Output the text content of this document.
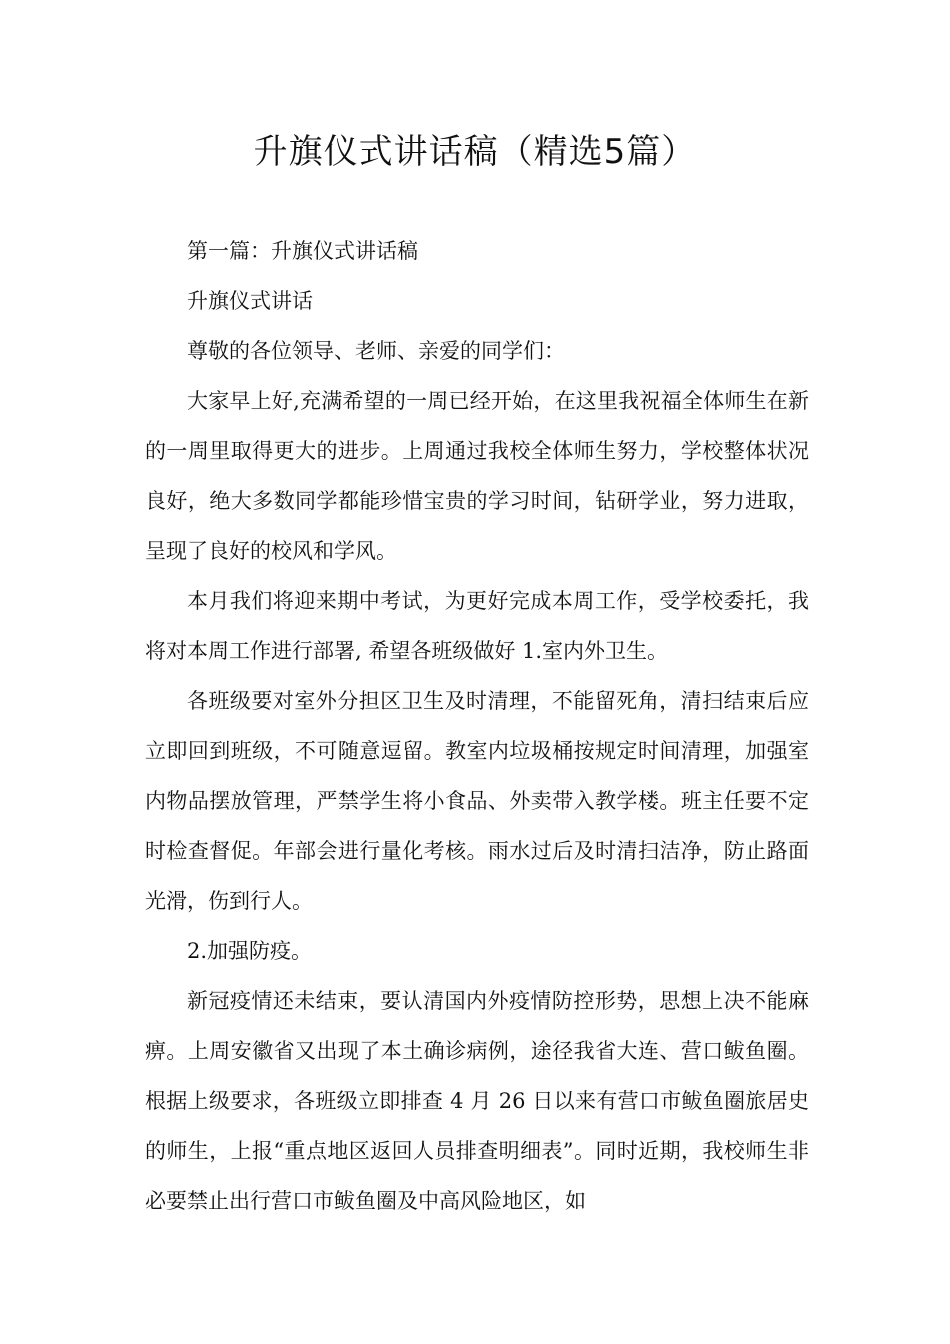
升旗仪式讲话稿（精选5篇）

第一篇：升旗仪式讲话稿

升旗仪式讲话

尊敬的各位领导、老师、亲爱的同学们：

大家早上好,充满希望的一周已经开始，在这里我祝福全体师生在新的一周里取得更大的进步。上周通过我校全体师生努力，学校整体状况良好，绝大多数同学都能珍惜宝贵的学习时间，钻研学业，努力进取，呈现了良好的校风和学风。

本月我们将迎来期中考试，为更好完成本周工作，受学校委托，我将对本周工作进行部署, 希望各班级做好 1.室内外卫生。

各班级要对室外分担区卫生及时清理，不能留死角，清扫结束后应立即回到班级，不可随意逗留。教室内垃圾桶按规定时间清理，加强室内物品摆放管理，严禁学生将小食品、外卖带入教学楼。班主任要不定时检查督促。年部会进行量化考核。雨水过后及时清扫洁净，防止路面光滑，伤到行人。

2.加强防疫。

新冠疫情还未结束，要认清国内外疫情防控形势，思想上决不能麻痹。上周安徽省又出现了本土确诊病例，途径我省大连、营口鲅鱼圈。根据上级要求，各班级立即排查 4 月 26 日以来有营口市鲅鱼圈旅居史的师生，上报“重点地区返回人员排查明细表”。同时近期，我校师生非必要禁止出行营口市鲅鱼圈及中高风险地区，如
